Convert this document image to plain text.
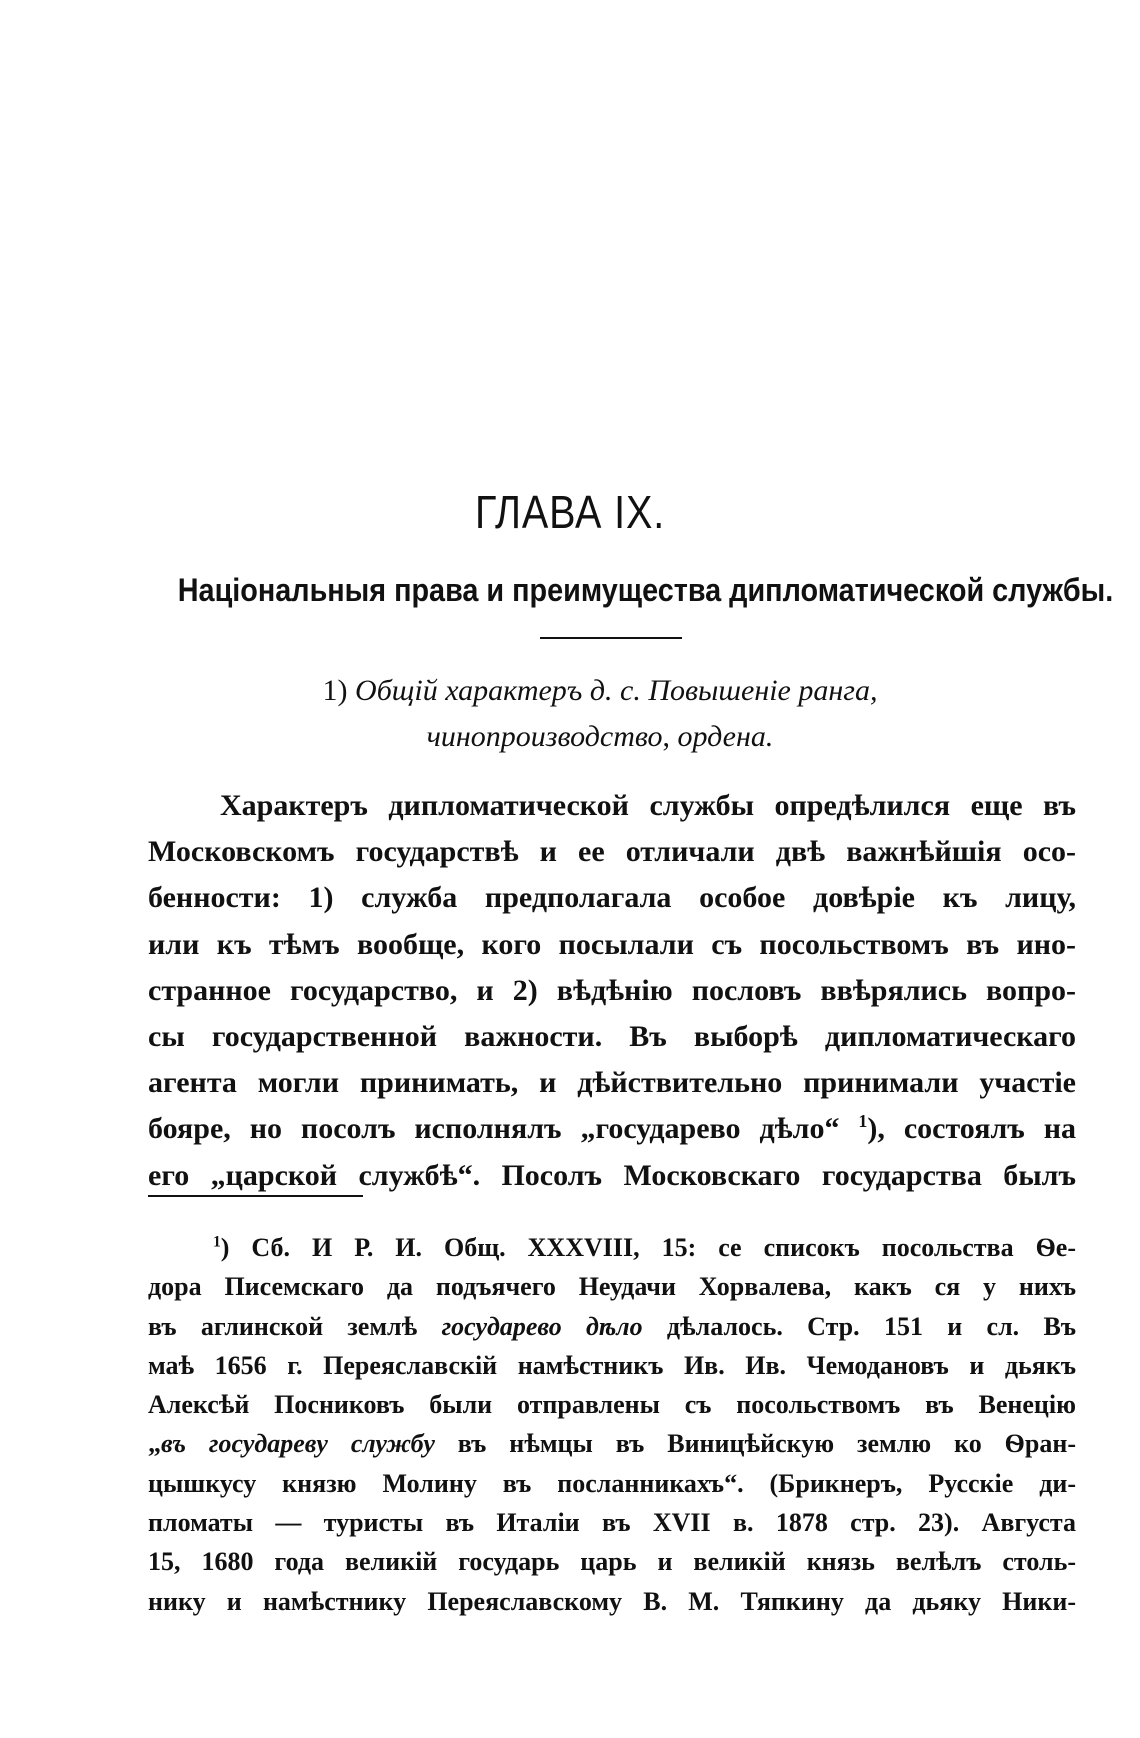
ГЛАВА IX.
Національныя права и преимущества дипломатической службы.
1) Общій характеръ д. с. Повышеніе ранга,
чинопроизводство, ордена.
Характеръ дипломатической службы опредѣлился еще въ
Московскомъ государствѣ и ее отличали двѣ важнѣйшія осо-
бенности: 1) служба предполагала особое довѣріе къ лицу,
или къ тѣмъ вообще, кого посылали съ посольствомъ въ ино-
странное государство, и 2) вѣдѣнію пословъ ввѣрялись вопро-
сы государственной важности. Въ выборѣ дипломатическаго
агента могли принимать, и дѣйствительно принимали участіе
бояре, но посолъ исполнялъ „государево дѣло“ $^1$), состоялъ на
его „царской службѣ“. Посолъ Московскаго государства былъ
$^1$) Сб. И Р. И. Общ. XXXVIII, 15: се списокъ посольства Ѳе-
дора Писемскаго да подъячего Неудачи Хорвалева, какъ ся у нихъ
въ аглинской землѣ государево дѣло дѣлалось. Стр. 151 и сл. Въ
маѣ 1656 г. Переяславскій намѣстникъ Ив. Ив. Чемодановъ и дьякъ
Алексѣй Посниковъ были отправлены съ посольствомъ въ Венецію
„въ государеву службу въ нѣмцы въ Виницѣйскую землю ко Ѳран-
цышкусу князю Молину въ посланникахъ“. (Брикнеръ, Русскіе ди-
пломаты — туристы въ Италіи въ XVII в. 1878 стр. 23). Августа
15, 1680 года великій государь царь и великій князь велѣлъ столь-
нику и намѣстнику Переяславскому В. М. Тяпкину да дьяку Ники-
